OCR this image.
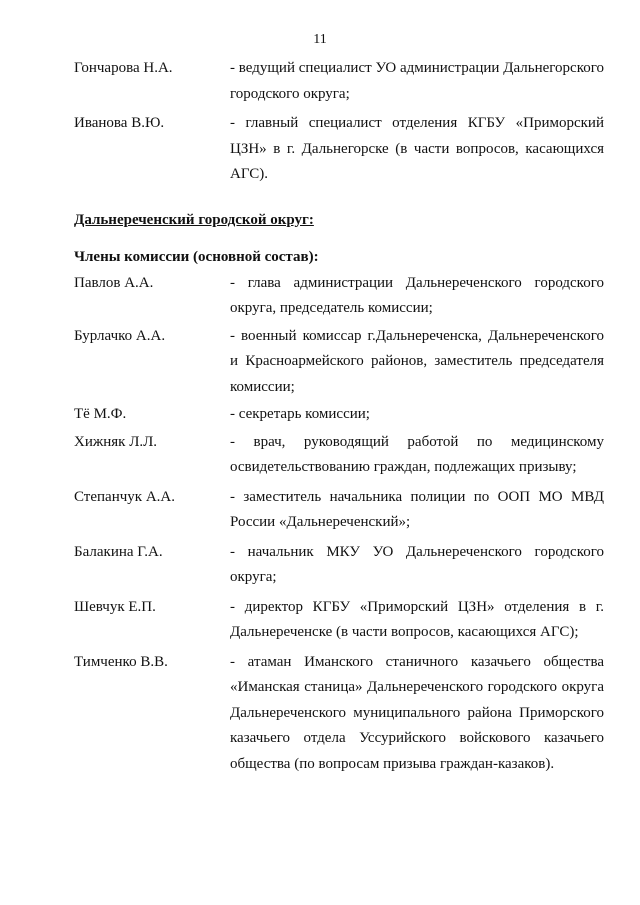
11
Гончарова Н.А.	- ведущий специалист УО администрации Дальнегорского городского округа;
Иванова В.Ю.	- главный специалист отделения КГБУ «Приморский ЦЗН» в г. Дальнегорске (в части вопросов, касающихся АГС).
Дальнереченский городской округ:
Члены комиссии (основной состав):
Павлов А.А.	- глава администрации Дальнереченского городского округа, председатель комиссии;
Бурлачко А.А.	- военный комиссар г.Дальнереченска, Дальнереченского и Красноармейского районов, заместитель председателя комиссии;
Тё М.Ф.	- секретарь комиссии;
Хижняк Л.Л.	- врач, руководящий работой по медицинскому освидетельствованию граждан, подлежащих призыву;
Степанчук А.А.	- заместитель начальника полиции по ООП МО МВД России «Дальнереченский»;
Балакина Г.А.	- начальник МКУ УО Дальнереченского городского округа;
Шевчук Е.П.	- директор КГБУ «Приморский ЦЗН» отделения в г. Дальнереченске (в части вопросов, касающихся АГС);
Тимченко В.В.	- атаман Иманского станичного казачьего общества «Иманская станица» Дальнереченского городского округа Дальнереченского муниципального района Приморского казачьего отдела Уссурийского войскового казачьего общества (по вопросам призыва граждан-казаков).
